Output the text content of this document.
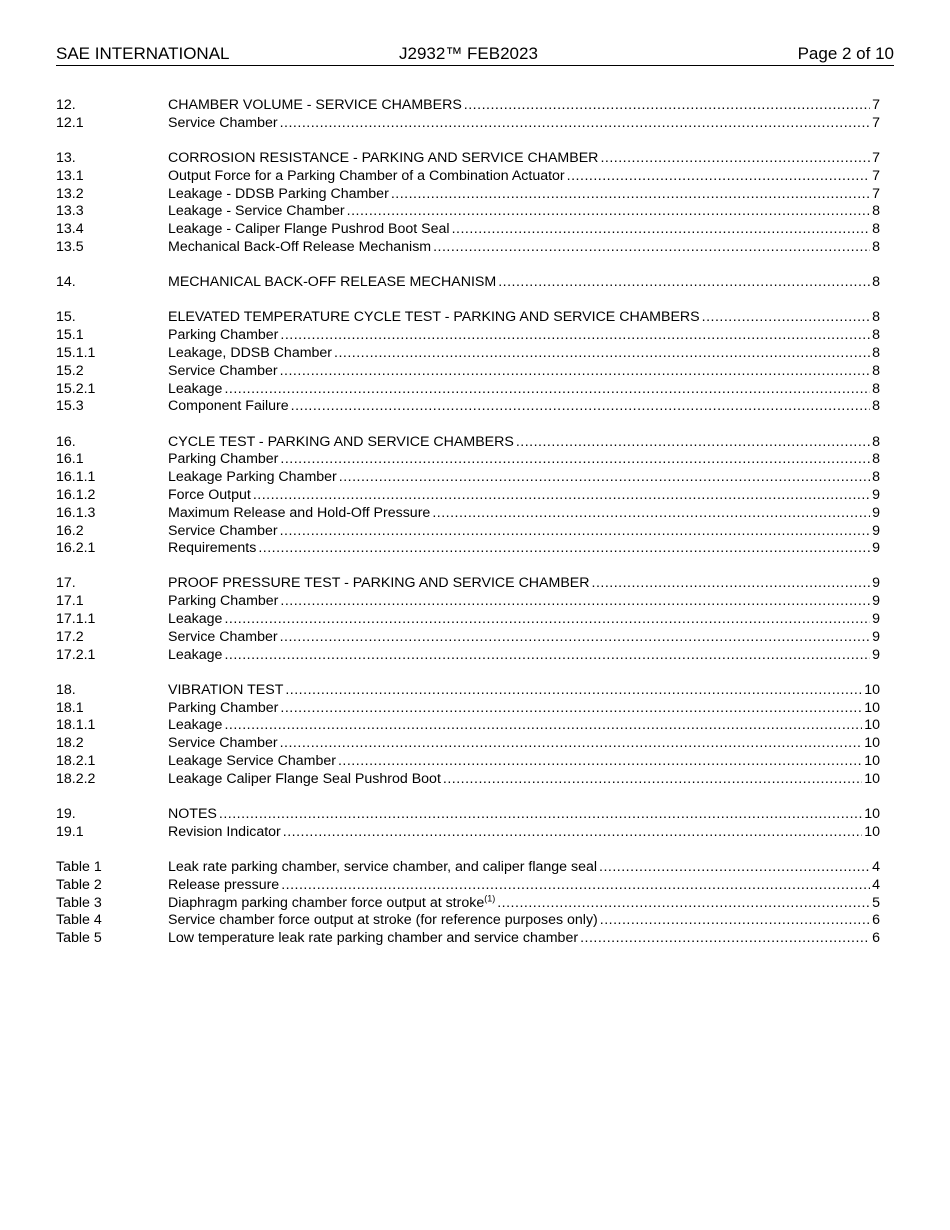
SAE INTERNATIONAL	J2932™ FEB2023	Page 2 of 10
12.	CHAMBER VOLUME - SERVICE CHAMBERS .....	7
12.1	Service Chamber .....	7
13.	CORROSION RESISTANCE - PARKING AND SERVICE CHAMBER .....	7
13.1	Output Force for a Parking Chamber of a Combination Actuator .....	7
13.2	Leakage - DDSB Parking Chamber .....	7
13.3	Leakage - Service Chamber .....	8
13.4	Leakage - Caliper Flange Pushrod Boot Seal .....	8
13.5	Mechanical Back-Off Release Mechanism .....	8
14.	MECHANICAL BACK-OFF RELEASE MECHANISM .....	8
15.	ELEVATED TEMPERATURE CYCLE TEST - PARKING AND SERVICE CHAMBERS .....	8
15.1	Parking Chamber .....	8
15.1.1	Leakage, DDSB Chamber .....	8
15.2	Service Chamber .....	8
15.2.1	Leakage .....	8
15.3	Component Failure .....	8
16.	CYCLE TEST - PARKING AND SERVICE CHAMBERS .....	8
16.1	Parking Chamber .....	8
16.1.1	Leakage Parking Chamber .....	8
16.1.2	Force Output .....	9
16.1.3	Maximum Release and Hold-Off Pressure .....	9
16.2	Service Chamber .....	9
16.2.1	Requirements .....	9
17.	PROOF PRESSURE TEST - PARKING AND SERVICE CHAMBER .....	9
17.1	Parking Chamber .....	9
17.1.1	Leakage .....	9
17.2	Service Chamber .....	9
17.2.1	Leakage .....	9
18.	VIBRATION TEST .....	10
18.1	Parking Chamber .....	10
18.1.1	Leakage .....	10
18.2	Service Chamber .....	10
18.2.1	Leakage Service Chamber .....	10
18.2.2	Leakage Caliper Flange Seal Pushrod Boot .....	10
19.	NOTES .....	10
19.1	Revision Indicator .....	10
Table 1	Leak rate parking chamber, service chamber, and caliper flange seal .....	4
Table 2	Release pressure .....	4
Table 3	Diaphragm parking chamber force output at stroke$^{(1)}$ .....	5
Table 4	Service chamber force output at stroke (for reference purposes only) .....	6
Table 5	Low temperature leak rate parking chamber and service chamber .....	6
